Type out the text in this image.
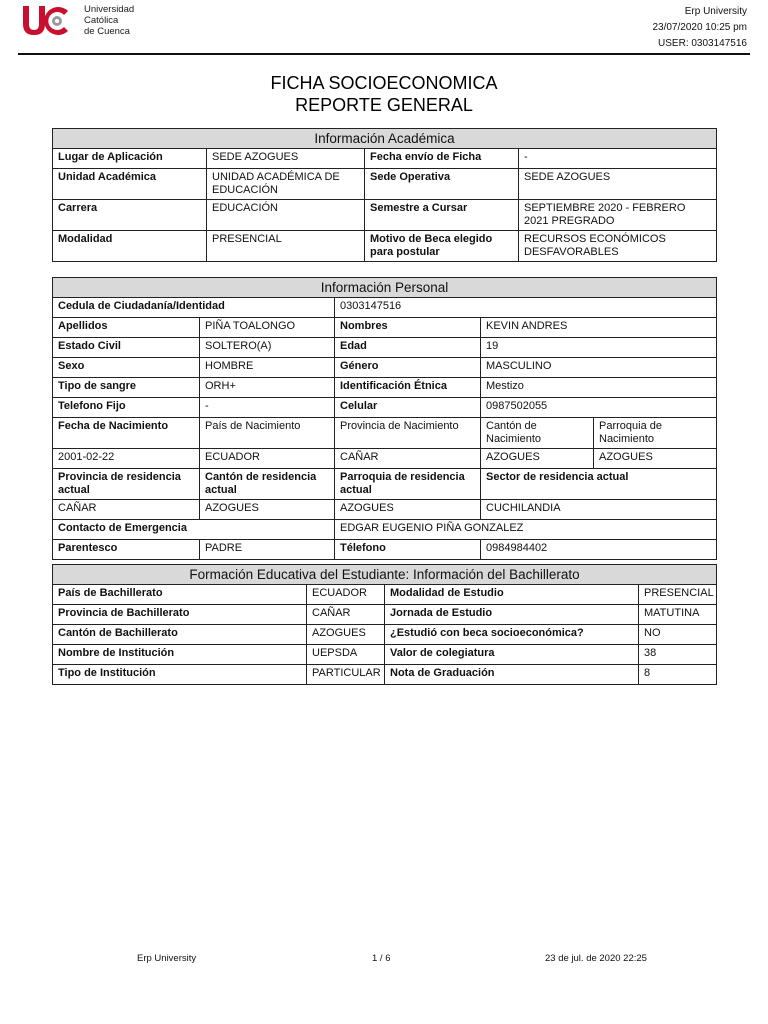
Universidad
Católica
de Cuenca
Erp University
23/07/2020 10:25 pm
USER: 0303147516
FICHA SOCIOECONOMICA
REPORTE GENERAL
Información Académica			
Lugar de Aplicación	SEDE AZOGUES	Fecha envío de Ficha	-
Unidad Académica	UNIDAD ACADÉMICA DE EDUCACIÓN	Sede Operativa	SEDE AZOGUES
Carrera	EDUCACIÓN	Semestre a Cursar	SEPTIEMBRE 2020 - FEBRERO 2021 PREGRADO
Modalidad	PRESENCIAL	Motivo de Beca elegido para postular	RECURSOS ECONÓMICOS DESFAVORABLES
Información Personal				
Cedula de Ciudadanía/Identidad		0303147516		
Apellidos	PIÑA TOALONGO	Nombres	KEVIN ANDRES	
Estado Civil	SOLTERO(A)	Edad	19	
Sexo	HOMBRE	Género	MASCULINO	
Tipo de sangre	ORH+	Identificación Étnica	Mestizo	
Telefono Fijo	-	Celular	0987502055	
Fecha de Nacimiento	País de Nacimiento	Provincia de Nacimiento	Cantón de Nacimiento	Parroquia de Nacimiento
2001-02-22	ECUADOR	CAÑAR	AZOGUES	AZOGUES
Provincia de residencia actual	Cantón de residencia actual	Parroquia de residencia actual	Sector de residencia actual	
CAÑAR	AZOGUES	AZOGUES	CUCHILANDIA	
Contacto de Emergencia		EDGAR EUGENIO PIÑA GONZALEZ		
Parentesco	PADRE	Télefono	0984984402	
Formación Educativa del Estudiante: Información del Bachillerato			
País de Bachillerato	ECUADOR	Modalidad de Estudio	PRESENCIAL
Provincia de Bachillerato	CAÑAR	Jornada de Estudio	MATUTINA
Cantón de Bachillerato	AZOGUES	¿Estudió con beca socioeconómica?	NO
Nombre de Institución	UEPSDA	Valor de colegiatura	38
Tipo de Institución	PARTICULAR	Nota de Graduación	8
Erp University	1 / 6	23 de jul. de 2020 22:25
